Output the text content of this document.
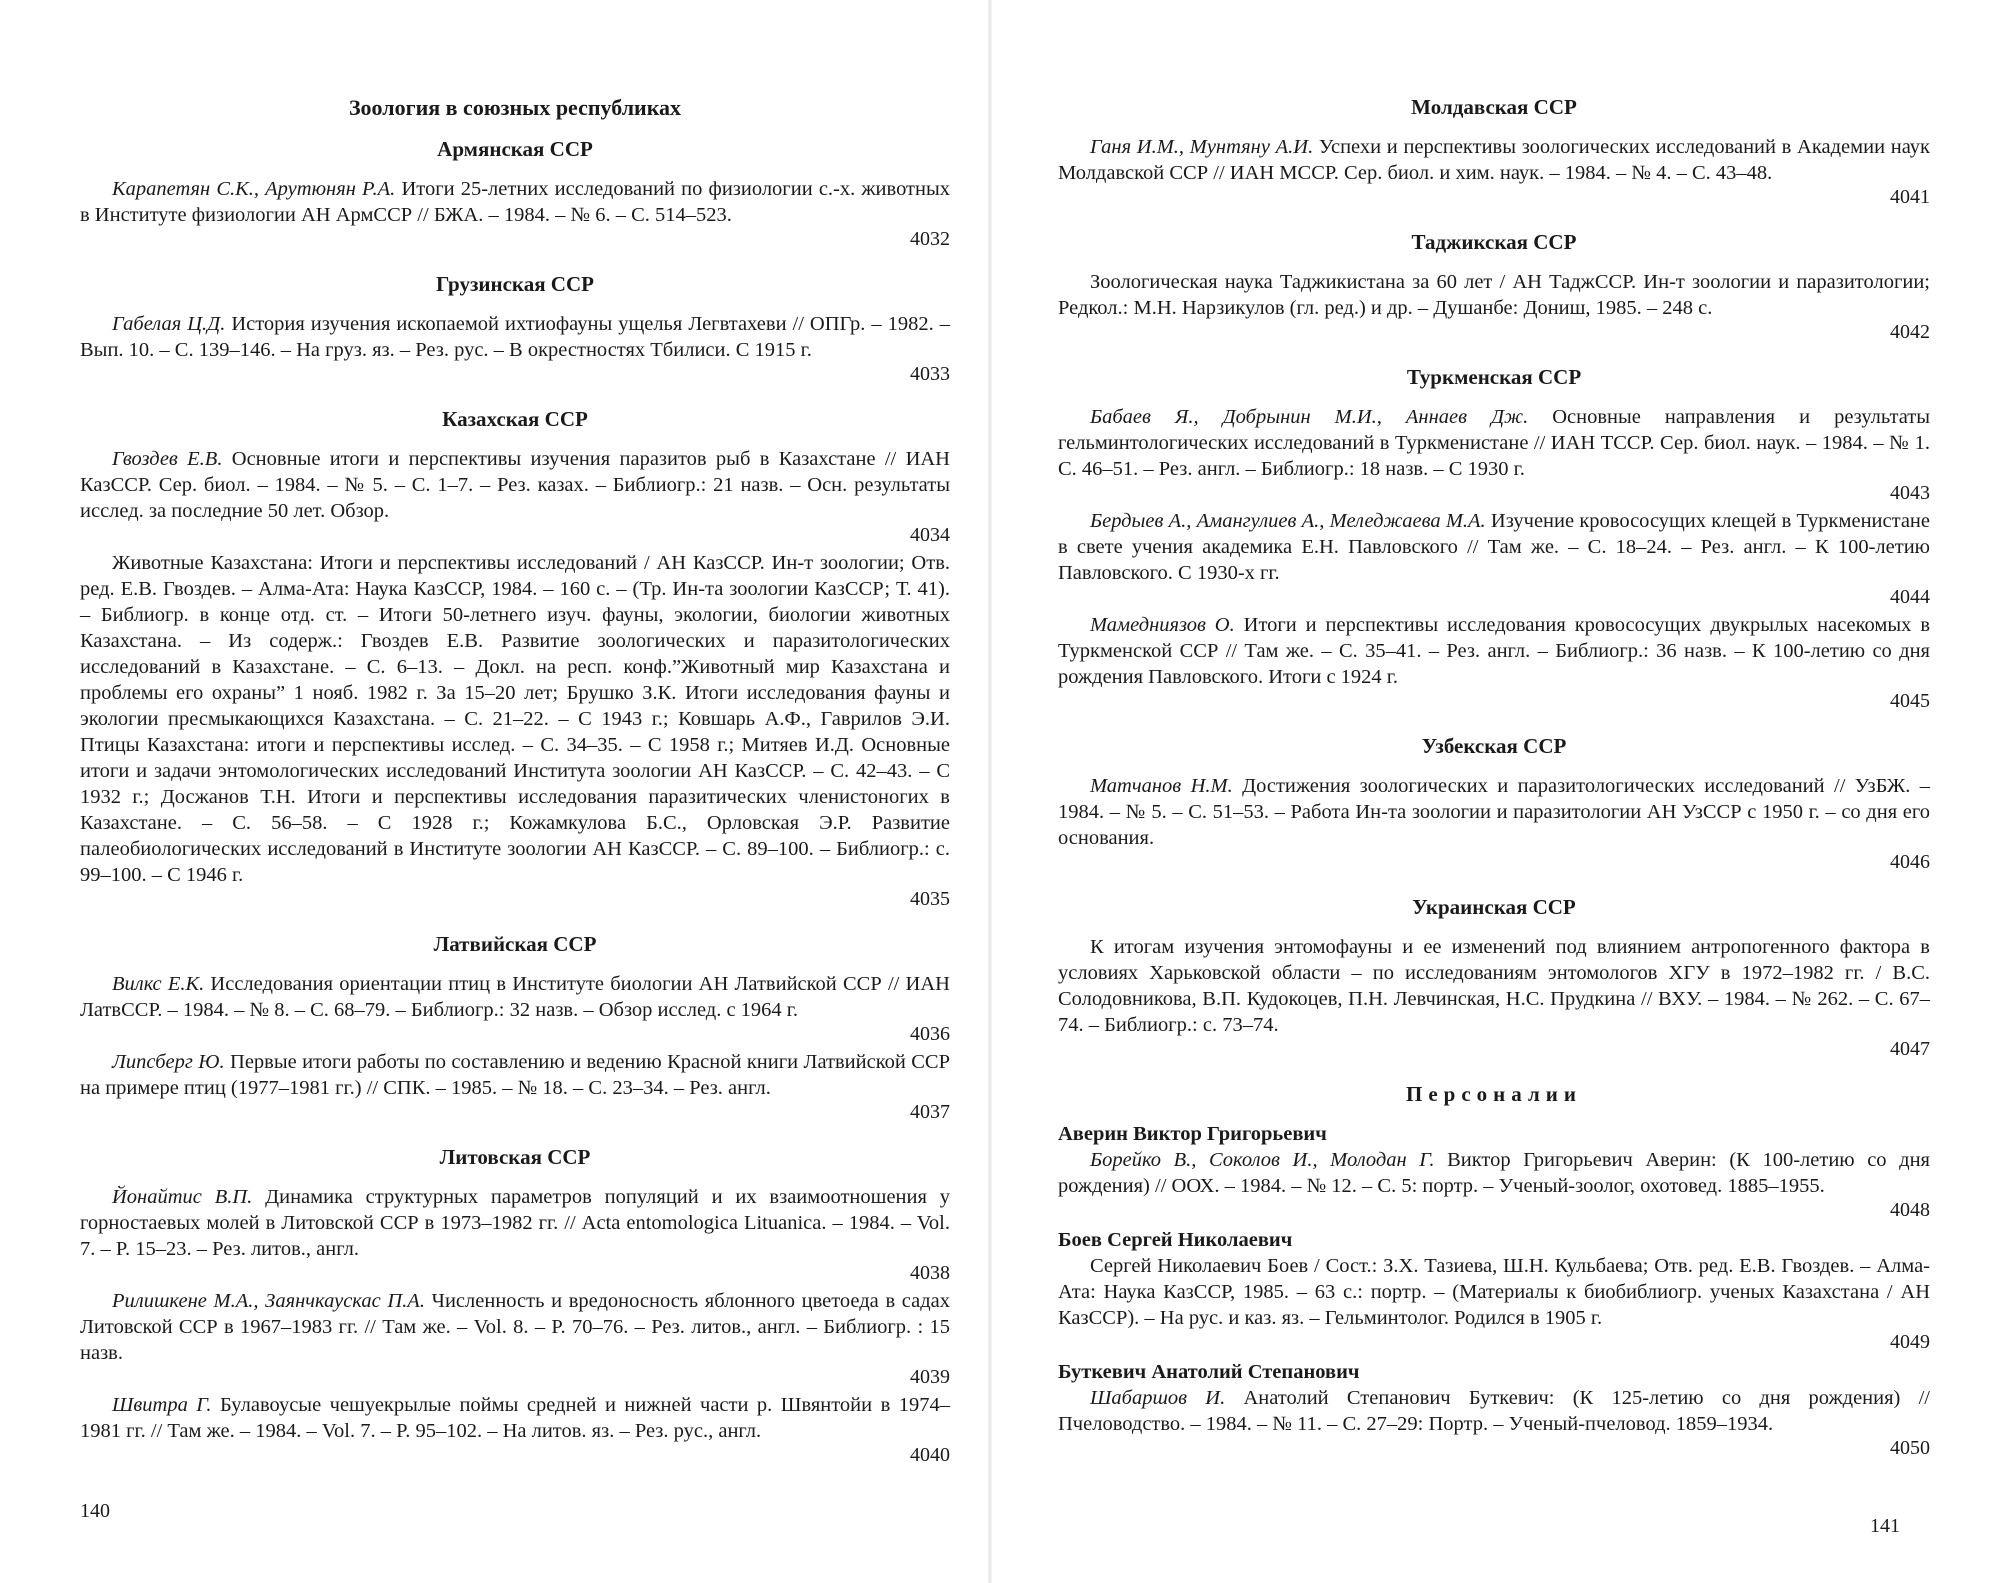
Зоология в союзных республиках
Армянская ССР

Карапетян С.К., Арутюнян Р.А. Итоги 25-летних исследований по физиологии с.-х. животных в Институте физиологии АН АрмССР // БЖА. – 1984. – № 6. – С. 514–523.

4032
Грузинская ССР

Габелая Ц.Д. История изучения ископаемой ихтиофауны ущелья Легвтахеви // ОПГр. – 1982. – Вып. 10. – С. 139–146. – На груз. яз. – Рез. рус. – В окрестностях Тбилиси. С 1915 г.

4033
Казахская ССР

Гвоздев Е.В. Основные итоги и перспективы изучения паразитов рыб в Казахстане // ИАН КазССР. Сер. биол. – 1984. – № 5. – С. 1–7. – Рез. казах. – Библиогр.: 21 назв. – Осн. результаты исслед. за последние 50 лет. Обзор.

4034

Животные Казахстана: Итоги и перспективы исследований / АН КазССР. Ин-т зоологии; Отв. ред. Е.В. Гвоздев. – Алма-Ата: Наука КазССР, 1984. – 160 с. – (Тр. Ин-та зоологии КазССР; Т. 41). – Библиогр. в конце отд. ст. – Итоги 50-летнего изуч. фауны, экологии, биологии животных Казахстана. – Из содерж.: Гвоздев Е.В. Развитие зоологических и паразитологических исследований в Казахстане. – С. 6–13. – Докл. на респ. конф.”Животный мир Казахстана и проблемы его охраны” 1 нояб. 1982 г. За 15–20 лет; Брушко З.К. Итоги исследования фауны и экологии пресмыкающихся Казахстана. – С. 21–22. – С 1943 г.; Ковшарь А.Ф., Гаврилов Э.И. Птицы Казахстана: итоги и перспективы исслед. – С. 34–35. – С 1958 г.; Митяев И.Д. Основные итоги и задачи энтомологических исследований Института зоологии АН КазССР. – С. 42–43. – С 1932 г.; Досжанов Т.Н. Итоги и перспективы исследования паразитических членистоногих в Казахстане. – С. 56–58. – С 1928 г.; Кожамкулова Б.С., Орловская Э.Р. Развитие палеобиологических исследований в Институте зоологии АН КазССР. – С. 89–100. – Библиогр.: с. 99–100. – С 1946 г.

4035
Латвийская ССР

Вилкс Е.К. Исследования ориентации птиц в Институте биологии АН Латвийской ССР // ИАН ЛатвССР. – 1984. – № 8. – С. 68–79. – Библиогр.: 32 назв. – Обзор исслед. с 1964 г.

4036

Липсберг Ю. Первые итоги работы по составлению и ведению Красной книги Латвийской ССР на примере птиц (1977–1981 гг.) // СПК. – 1985. – № 18. – С. 23–34. – Рез. англ.

4037
Литовская ССР

Йонайтис В.П. Динамика структурных параметров популяций и их взаимоотношения у горностаевых молей в Литовской ССР в 1973–1982 гг. // Acta entomologica Lituanica. – 1984. – Vol. 7. – P. 15–23. – Рез. литов., англ.

4038

Рилишкене М.А., Заянчкаускас П.А. Численность и вредоносность яблонного цветоеда в садах Литовской ССР в 1967–1983 гг. // Там же. – Vol. 8. – P. 70–76. – Рез. литов., англ. – Библиогр. : 15 назв.

4039

Швитра Г. Булавоусые чешуекрылые поймы средней и нижней части р. Швянтойи в 1974–1981 гг. // Там же. – 1984. – Vol. 7. – P. 95–102. – На литов. яз. – Рез. рус., англ.

4040
140
Молдавская ССР

Ганя И.М., Мунтяну А.И. Успехи и перспективы зоологических исследований в Академии наук Молдавской ССР // ИАН МССР. Сер. биол. и хим. наук. – 1984. – № 4. – С. 43–48.

4041
Таджикская ССР

Зоологическая наука Таджикистана за 60 лет / АН ТаджССР. Ин-т зоологии и паразитологии; Редкол.: М.Н. Нарзикулов (гл. ред.) и др. – Душанбе: Дониш, 1985. – 248 с.

4042
Туркменская ССР

Бабаев Я., Добрынин М.И., Аннаев Дж. Основные направления и результаты гельминтологических исследований в Туркменистане // ИАН ТССР. Сер. биол. наук. – 1984. – № 1. С. 46–51. – Рез. англ. – Библиогр.: 18 назв. – С 1930 г.

4043

Бердыев А., Амангулиев А., Меледжаева М.А. Изучение кровососущих клещей в Туркменистане в свете учения академика Е.Н. Павловского // Там же. – С. 18–24. – Рез. англ. – К 100-летию Павловского. С 1930-х гг.

4044

Мамедниязов О. Итоги и перспективы исследования кровососущих двукрылых насекомых в Туркменской ССР // Там же. – С. 35–41. – Рез. англ. – Библиогр.: 36 назв. – К 100-летию со дня рождения Павловского. Итоги с 1924 г.

4045
Узбекская ССР

Матчанов Н.М. Достижения зоологических и паразитологических исследований // УзБЖ. – 1984. – № 5. – С. 51–53. – Работа Ин-та зоологии и паразитологии АН УзССР с 1950 г. – со дня его основания.

4046
Украинская ССР

К итогам изучения энтомофауны и ее изменений под влиянием антропогенного фактора в условиях Харьковской области – по исследованиям энтомологов ХГУ в 1972–1982 гг. / В.С. Солодовникова, В.П. Кудокоцев, П.Н. Левчинская, Н.С. Прудкина // ВХУ. – 1984. – № 262. – С. 67–74. – Библиогр.: с. 73–74.

4047
Персоналии
Аверин Виктор Григорьевич

Борейко В., Соколов И., Молодан Г. Виктор Григорьевич Аверин: (К 100-летию со дня рождения) // ООХ. – 1984. – № 12. – С. 5: портр. – Ученый-зоолог, охотовед. 1885–1955.

4048
Боев Сергей Николаевич

Сергей Николаевич Боев / Сост.: З.Х. Тазиева, Ш.Н. Кульбаева; Отв. ред. Е.В. Гвоздев. – Алма-Ата: Наука КазССР, 1985. – 63 с.: портр. – (Материалы к биобиблиогр. ученых Казахстана / АН КазССР). – На рус. и каз. яз. – Гельминтолог. Родился в 1905 г.

4049
Буткевич Анатолий Степанович

Шабаршов И. Анатолий Степанович Буткевич: (К 125-летию со дня рождения) // Пчеловодство. – 1984. – № 11. – С. 27–29: Портр. – Ученый-пчеловод. 1859–1934.

4050
141
